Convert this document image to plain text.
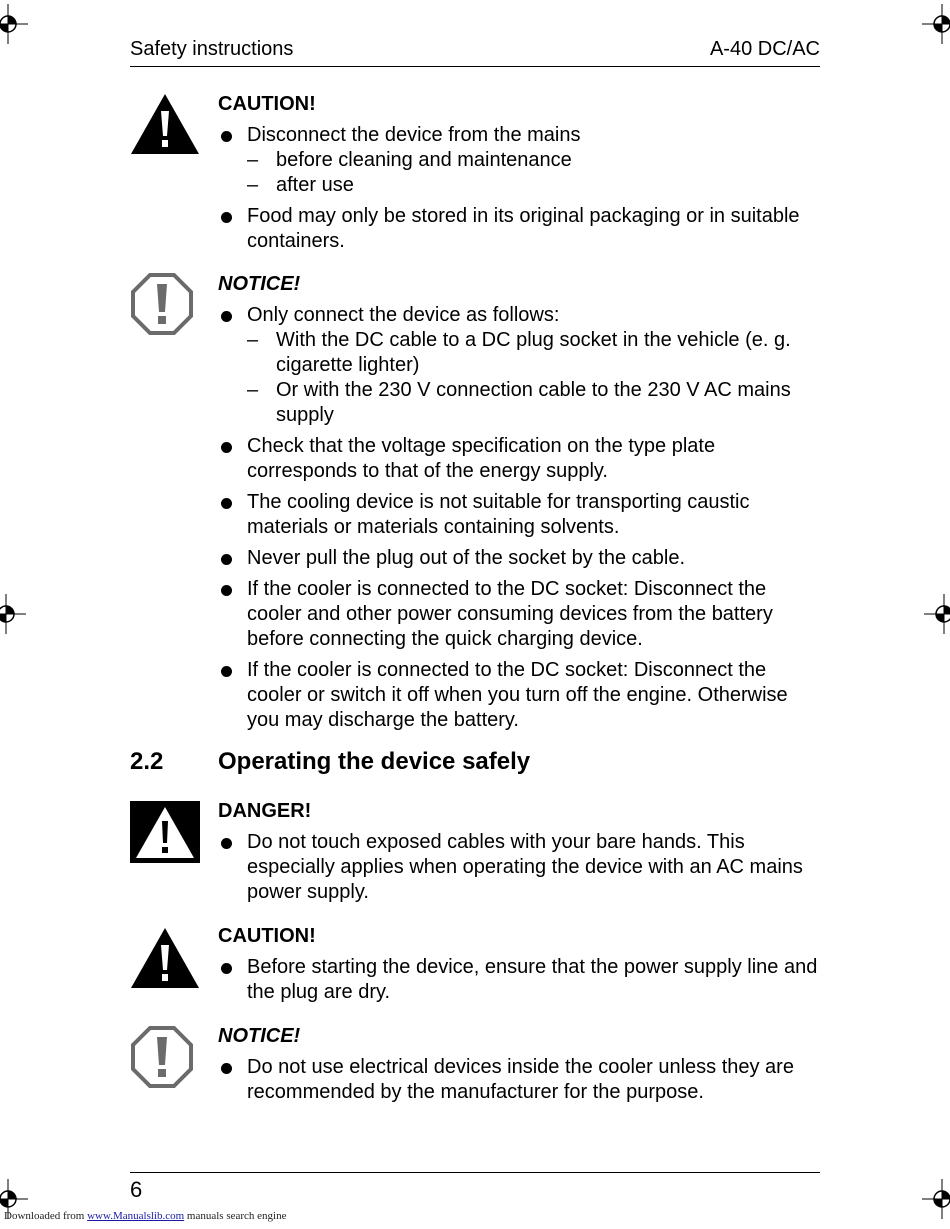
Safety instructions	A-40 DC/AC
CAUTION!
Disconnect the device from the mains
– before cleaning and maintenance
– after use
Food may only be stored in its original packaging or in suitable containers.
NOTICE!
Only connect the device as follows:
– With the DC cable to a DC plug socket in the vehicle (e. g. cigarette lighter)
– Or with the 230 V connection cable to the 230 V AC mains supply
Check that the voltage specification on the type plate corresponds to that of the energy supply.
The cooling device is not suitable for transporting caustic materials or materials containing solvents.
Never pull the plug out of the socket by the cable.
If the cooler is connected to the DC socket: Disconnect the cooler and other power consuming devices from the battery before connecting the quick charging device.
If the cooler is connected to the DC socket: Disconnect the cooler or switch it off when you turn off the engine. Otherwise you may discharge the battery.
2.2 Operating the device safely
DANGER!
Do not touch exposed cables with your bare hands. This especially applies when operating the device with an AC mains power supply.
CAUTION!
Before starting the device, ensure that the power supply line and the plug are dry.
NOTICE!
Do not use electrical devices inside the cooler unless they are recommended by the manufacturer for the purpose.
6
Downloaded from www.Manualslib.com manuals search engine
